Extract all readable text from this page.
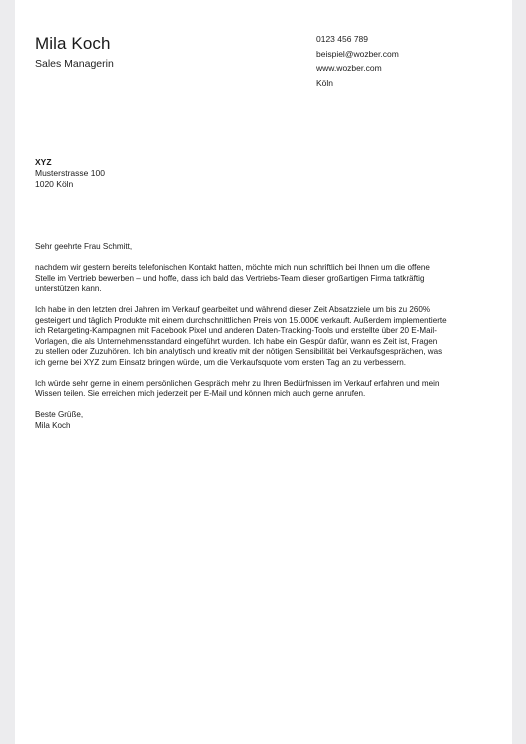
Mila Koch
Sales Managerin
0123 456 789
beispiel@wozber.com
www.wozber.com
Köln
XYZ
Musterstrasse 100
1020 Köln

Sehr geehrte Frau Schmitt,

nachdem wir gestern bereits telefonischen Kontakt hatten, möchte mich nun schriftlich bei Ihnen um die offene Stelle im Vertrieb bewerben – und hoffe, dass ich bald das Vertriebs-Team dieser großartigen Firma tatkräftig unterstützen kann.

Ich habe in den letzten drei Jahren im Verkauf gearbeitet und während dieser Zeit Absatzziele um bis zu 260% gesteigert und täglich Produkte mit einem durchschnittlichen Preis von 15.000€ verkauft. Außerdem implementierte ich Retargeting-Kampagnen mit Facebook Pixel und anderen Daten-Tracking-Tools und erstellte über 20 E-Mail-Vorlagen, die als Unternehmensstandard eingeführt wurden. Ich habe ein Gespür dafür, wann es Zeit ist, Fragen zu stellen oder Zuzuhören. Ich bin analytisch und kreativ mit der nötigen Sensibilität bei Verkaufsgesprächen, was ich gerne bei XYZ zum Einsatz bringen würde, um die Verkaufsquote vom ersten Tag an zu verbessern.

Ich würde sehr gerne in einem persönlichen Gespräch mehr zu Ihren Bedürfnissen im Verkauf erfahren und mein Wissen teilen. Sie erreichen mich jederzeit per E-Mail und können mich auch gerne anrufen.

Beste Grüße,
Mila Koch
